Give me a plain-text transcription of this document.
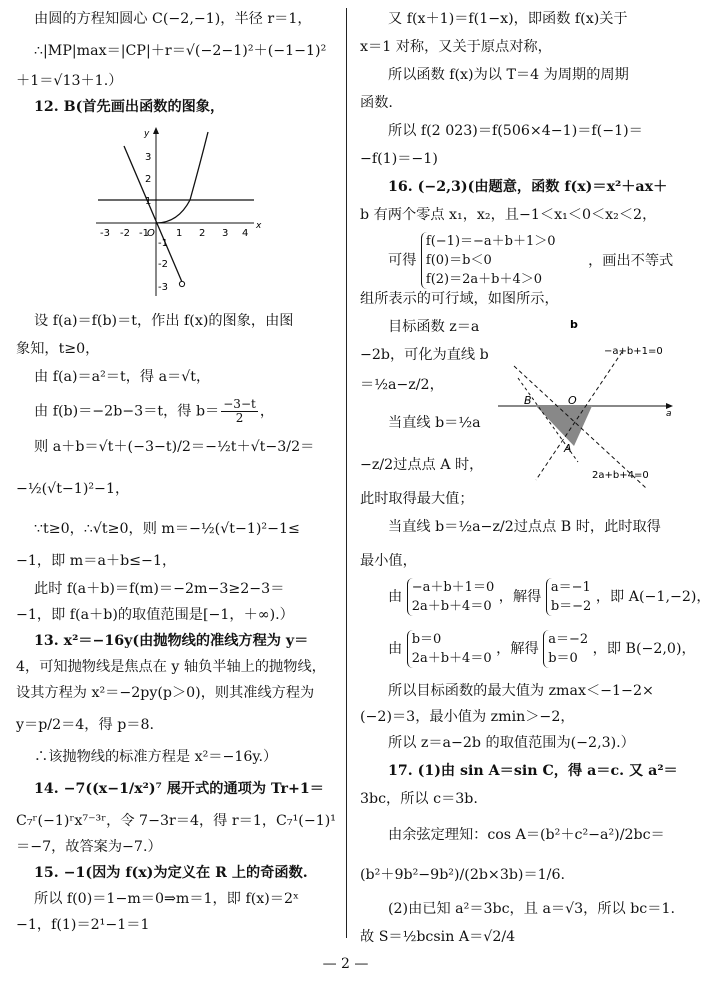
由圆的方程知圆心 C(−2,−1)，半径 r＝1，
∴|MP|max＝|CP|＋r＝√(−2−1)²＋(−1−1)²
＋1＝√13＋1.）
12. B(首先画出函数的图象，
-3 -2 -1
O 1 2 3 4
x
3
2
1
-1
-2
-3
y
设 f(a)＝f(b)＝t，作出 f(x)的图象，由图
象知，t≥0，
由 f(a)＝a²＝t，得 a＝√t，
由 f(b)＝−2b−3＝t，得 $b= \frac{-3-t}{2}$ ，
则 a＋b＝√t＋(−3−t)/2＝−½t＋√t−3/2＝
−½(√t−1)²−1，
∵t≥0，∴√t≥0，则 m＝−½(√t−1)²−1≤
−1，即 m＝a＋b≤−1，
此时 f(a＋b)＝f(m)＝−2m−3≥2−3＝
−1，即 f(a＋b)的取值范围是[−1，＋∞).）
13. x²＝−16y(由抛物线的准线方程为 y＝
4，可知抛物线是焦点在 y 轴负半轴上的抛物线，
设其方程为 x²＝−2py(p＞0)，则其准线方程为
y＝p/2＝4，得 p＝8.
∴该抛物线的标准方程是 x²＝−16y.）
14. −7((x−1/x²)⁷ 展开式的通项为 Tr+1＝
C₇ʳ(−1)ʳx⁷⁻³ʳ，令 7−3r＝4，得 r＝1，C₇¹(−1)¹
＝−7，故答案为−7.）
15. −1(因为 f(x)为定义在 R 上的奇函数.
所以 f(0)＝1−m＝0⇒m＝1，即 f(x)＝2ˣ
−1，f(1)＝2¹−1＝1
又 f(x＋1)＝f(1−x)，即函数 f(x)关于
x＝1 对称，又关于原点对称，
所以函数 f(x)为以 T＝4 为周期的周期
函数.
所以 f(2 023)＝f(506×4−1)＝f(−1)＝
−f(1)＝−1)
16. (−2,3)(由题意，函数 f(x)＝x²＋ax＋
b 有两个零点 x₁，x₂，且−1＜x₁＜0＜x₂＜2，
可得
f(−1)＝−a＋b＋1＞0
f(0)＝b＜0
f(2)＝2a＋b＋4＞0
，画出不等式
组所表示的可行域，如图所示，
目标函数 z＝a
−2b，可化为直线 b
＝½a−z/2，
当直线 b＝½a
−z/2过点点 A 时，
−a+b+1=0
2a+b+4=0
B	O
A
b
a
此时取得最大值；
当直线 b＝½a−z/2过点点 B 时，此时取得
最小值，
由
−a＋b＋1＝0
2a＋b＋4＝0
，解得
a＝−1
b＝−2
，即 A(−1,−2)，
由
b＝0
2a＋b＋4＝0
，解得
a＝−2
b＝0
，即 B(−2,0)，
所以目标函数的最大值为 zmax＜−1−2×
(−2)＝3，最小值为 zmin＞−2，
所以 z＝a−2b 的取值范围为(−2,3).）
17. (1)由 sin A＝sin C，得 a＝c. 又 a²＝
3bc，所以 c＝3b.
由余弦定理知：cos A＝(b²＋c²−a²)/2bc＝
(b²＋9b²−9b²)/(2b×3b)＝1/6.
(2)由已知 a²＝3bc，且 a＝√3，所以 bc＝1.
故 S＝½bcsin A＝√2/4
— 2 —
